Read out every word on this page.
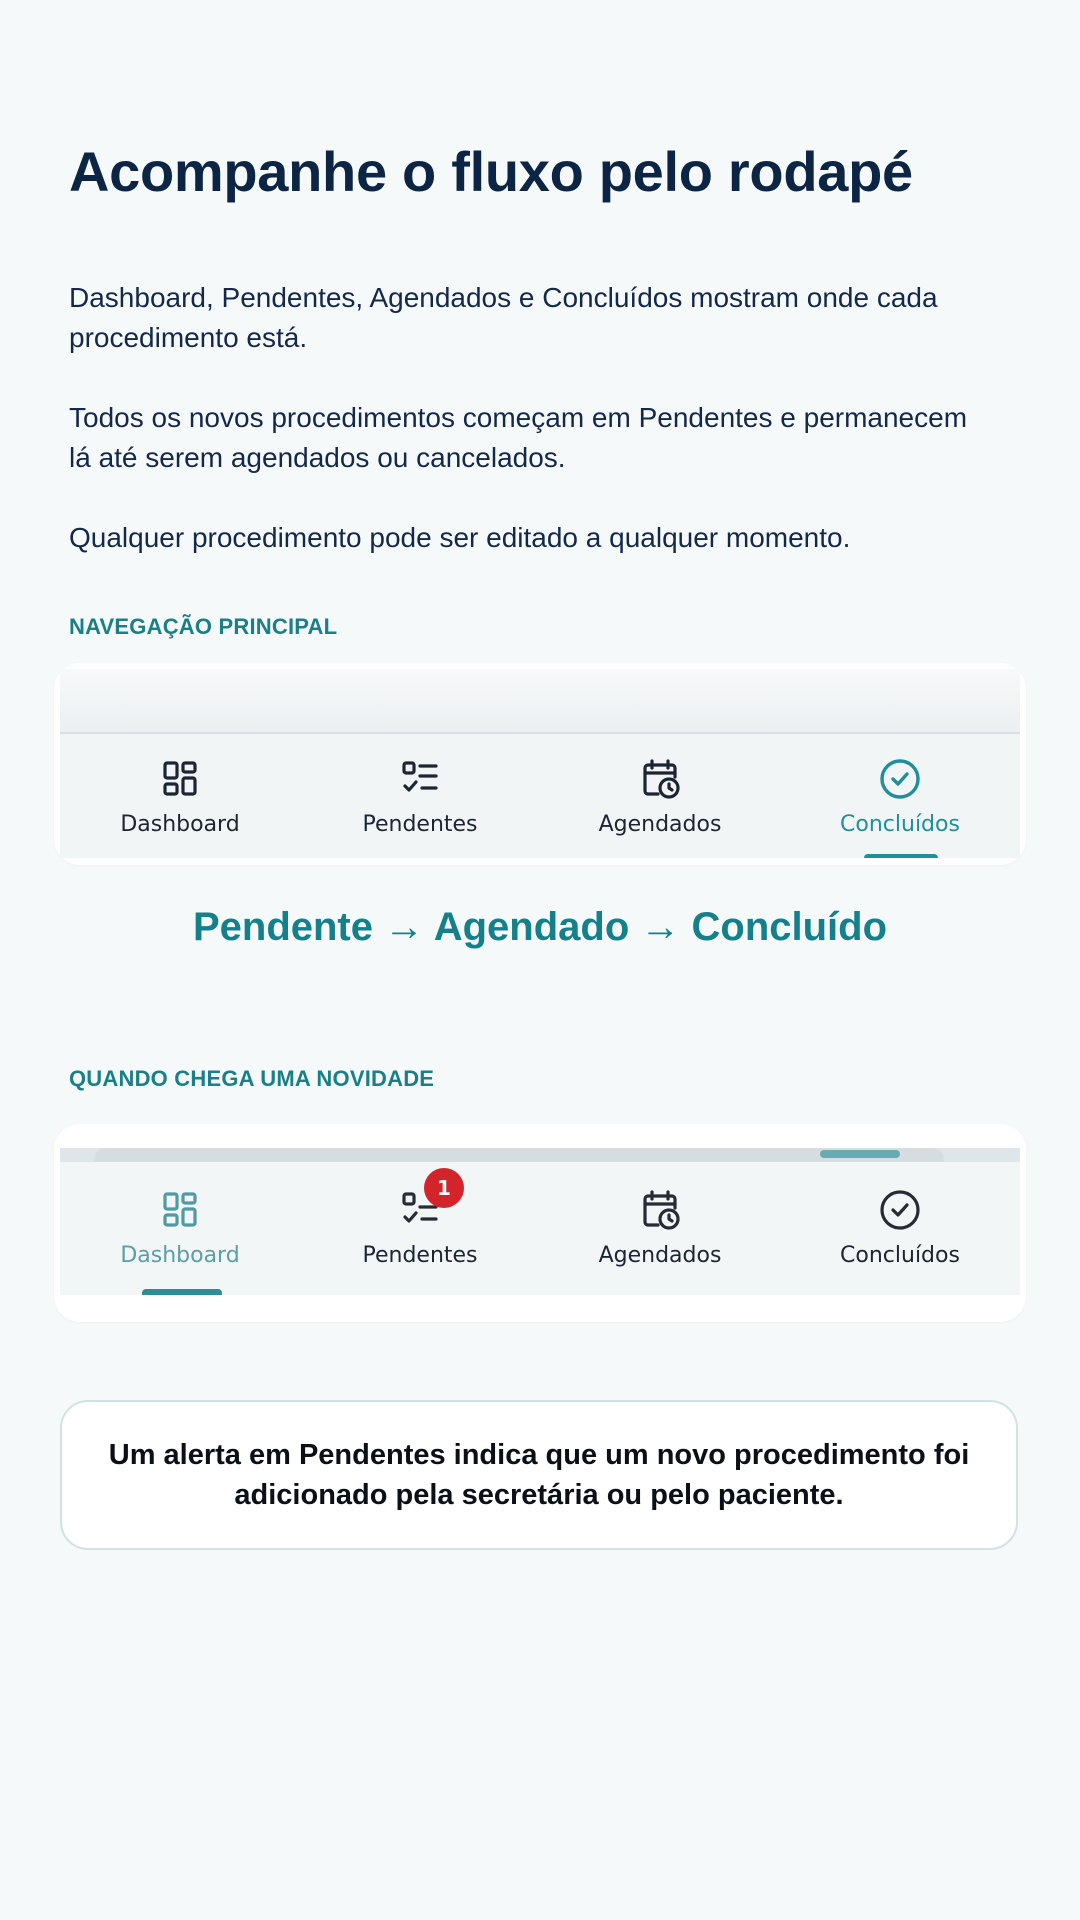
Acompanhe o fluxo pelo rodapé

Dashboard, Pendentes, Agendados e Concluídos mostram onde cada procedimento está.

Todos os novos procedimentos começam em Pendentes e permanecem lá até serem agendados ou cancelados.

Qualquer procedimento pode ser editado a qualquer momento.

NAVEGAÇÃO PRINCIPAL

Dashboard	Pendentes	Agendados	Concluídos

Pendente → Agendado → Concluído

QUANDO CHEGA UMA NOVIDADE

Dashboard
1
Pendentes	Agendados	Concluídos

Um alerta em Pendentes indica que um novo procedimento foi adicionado pela secretária ou pelo paciente.
